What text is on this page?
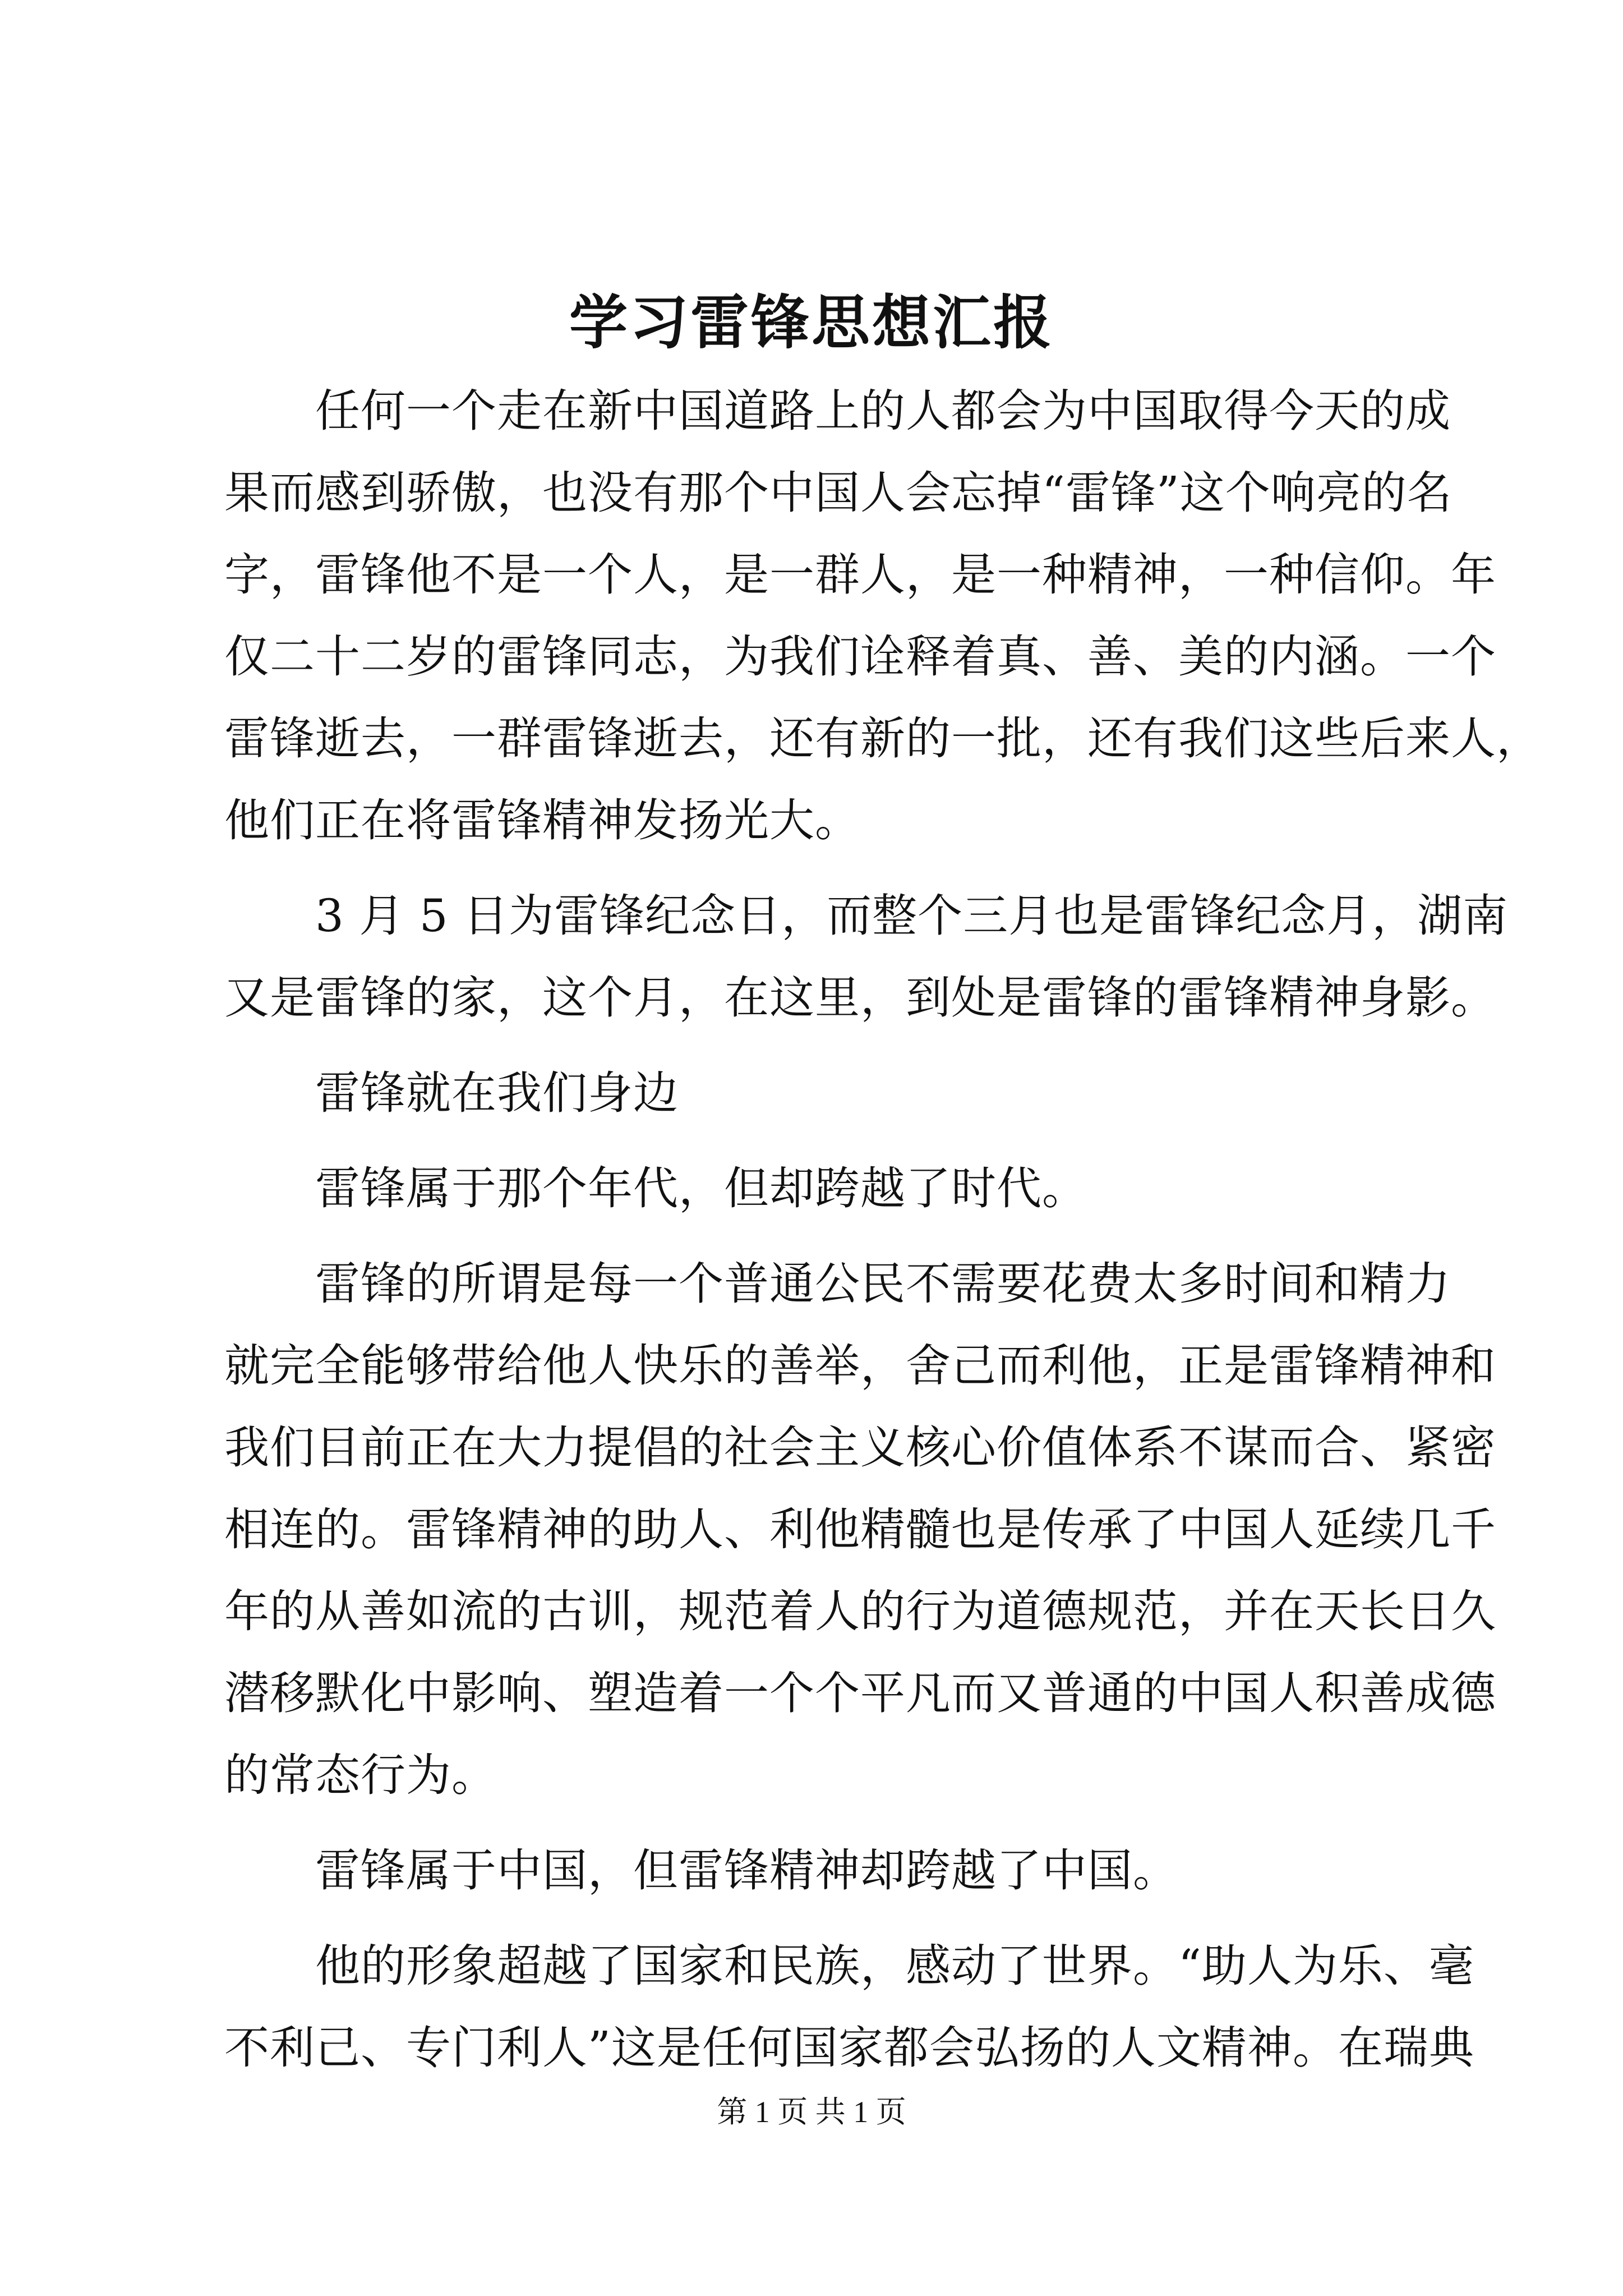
学习雷锋思想汇报

任何一个走在新中国道路上的人都会为中国取得今天的成
果而感到骄傲，也没有那个中国人会忘掉“雷锋”这个响亮的名
字，雷锋他不是一个人，是一群人，是一种精神，一种信仰。年
仅二十二岁的雷锋同志，为我们诠释着真、善、美的内涵。一个
雷锋逝去，一群雷锋逝去，还有新的一批，还有我们这些后来人，
他们正在将雷锋精神发扬光大。

3 月 5 日为雷锋纪念日，而整个三月也是雷锋纪念月，湖南
又是雷锋的家，这个月，在这里，到处是雷锋的雷锋精神身影。

雷锋就在我们身边

雷锋属于那个年代，但却跨越了时代。

雷锋的所谓是每一个普通公民不需要花费太多时间和精力
就完全能够带给他人快乐的善举，舍己而利他，正是雷锋精神和
我们目前正在大力提倡的社会主义核心价值体系不谋而合、紧密
相连的。雷锋精神的助人、利他精髓也是传承了中国人延续几千
年的从善如流的古训，规范着人的行为道德规范，并在天长日久
潜移默化中影响、塑造着一个个平凡而又普通的中国人积善成德
的常态行为。

雷锋属于中国，但雷锋精神却跨越了中国。

他的形象超越了国家和民族，感动了世界。“助人为乐、毫
不利己、专门利人”这是任何国家都会弘扬的人文精神。在瑞典

第 1 页 共 1 页
